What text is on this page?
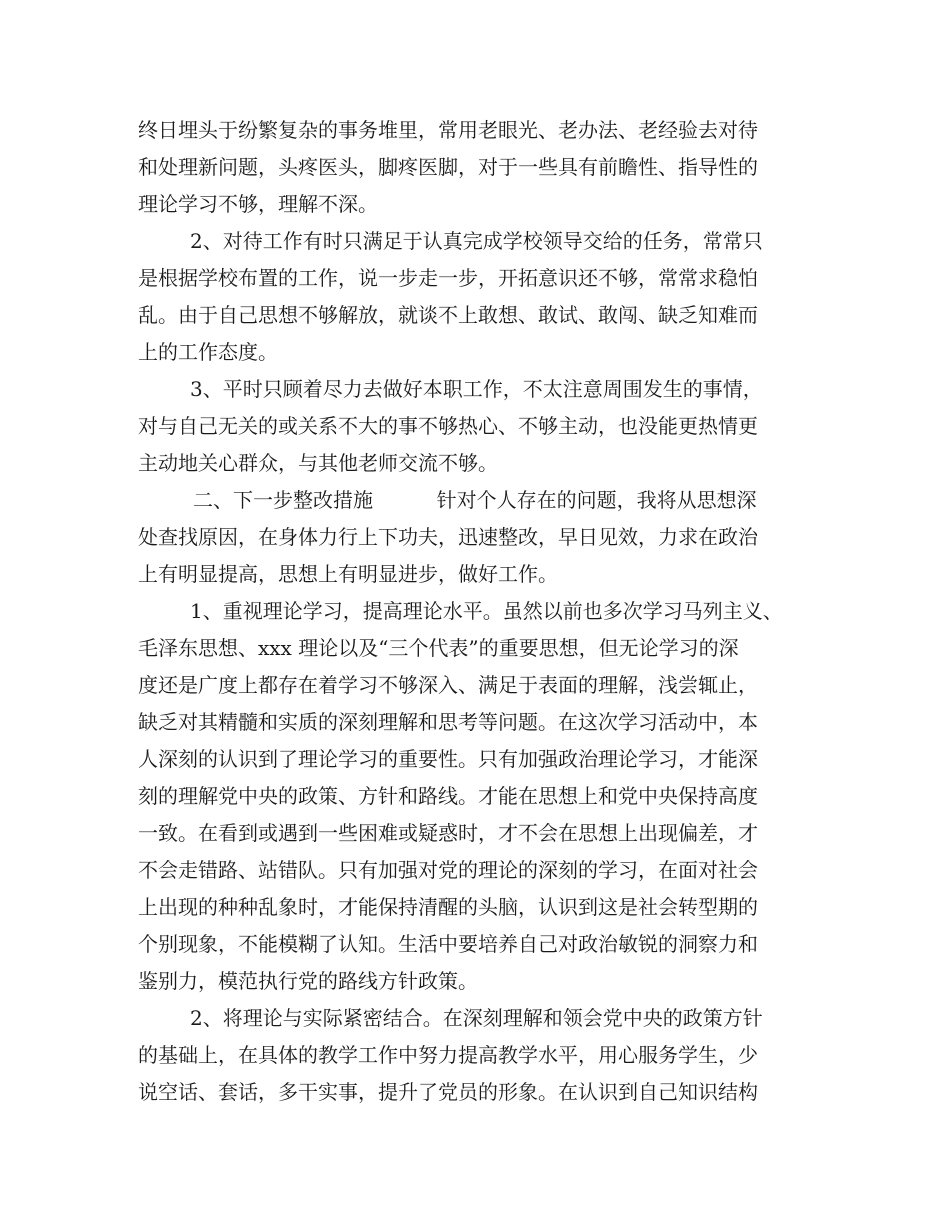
终日埋头于纷繁复杂的事务堆里，常用老眼光、老办法、老经验去对待
和处理新问题，头疼医头，脚疼医脚，对于一些具有前瞻性、指导性的
理论学习不够，理解不深。
2、对待工作有时只满足于认真完成学校领导交给的任务，常常只
是根据学校布置的工作，说一步走一步，开拓意识还不够，常常求稳怕
乱。由于自己思想不够解放，就谈不上敢想、敢试、敢闯、缺乏知难而
上的工作态度。
3、平时只顾着尽力去做好本职工作，不太注意周围发生的事情，
对与自己无关的或关系不大的事不够热心、不够主动，也没能更热情更
主动地关心群众，与其他老师交流不够。
二、下一步整改措施          针对个人存在的问题，我将从思想深
处查找原因，在身体力行上下功夫，迅速整改，早日见效，力求在政治
上有明显提高，思想上有明显进步，做好工作。
1、重视理论学习，提高理论水平。虽然以前也多次学习马列主义、
毛泽东思想、xxx 理论以及“三个代表”的重要思想，但无论学习的深
度还是广度上都存在着学习不够深入、满足于表面的理解，浅尝辄止，
缺乏对其精髓和实质的深刻理解和思考等问题。在这次学习活动中，本
人深刻的认识到了理论学习的重要性。只有加强政治理论学习，才能深
刻的理解党中央的政策、方针和路线。才能在思想上和党中央保持高度
一致。在看到或遇到一些困难或疑惑时，才不会在思想上出现偏差，才
不会走错路、站错队。只有加强对党的理论的深刻的学习，在面对社会
上出现的种种乱象时，才能保持清醒的头脑，认识到这是社会转型期的
个别现象，不能模糊了认知。生活中要培养自己对政治敏锐的洞察力和
鉴别力，模范执行党的路线方针政策。
2、将理论与实际紧密结合。在深刻理解和领会党中央的政策方针
的基础上，在具体的教学工作中努力提高教学水平，用心服务学生，少
说空话、套话，多干实事，提升了党员的形象。在认识到自己知识结构
